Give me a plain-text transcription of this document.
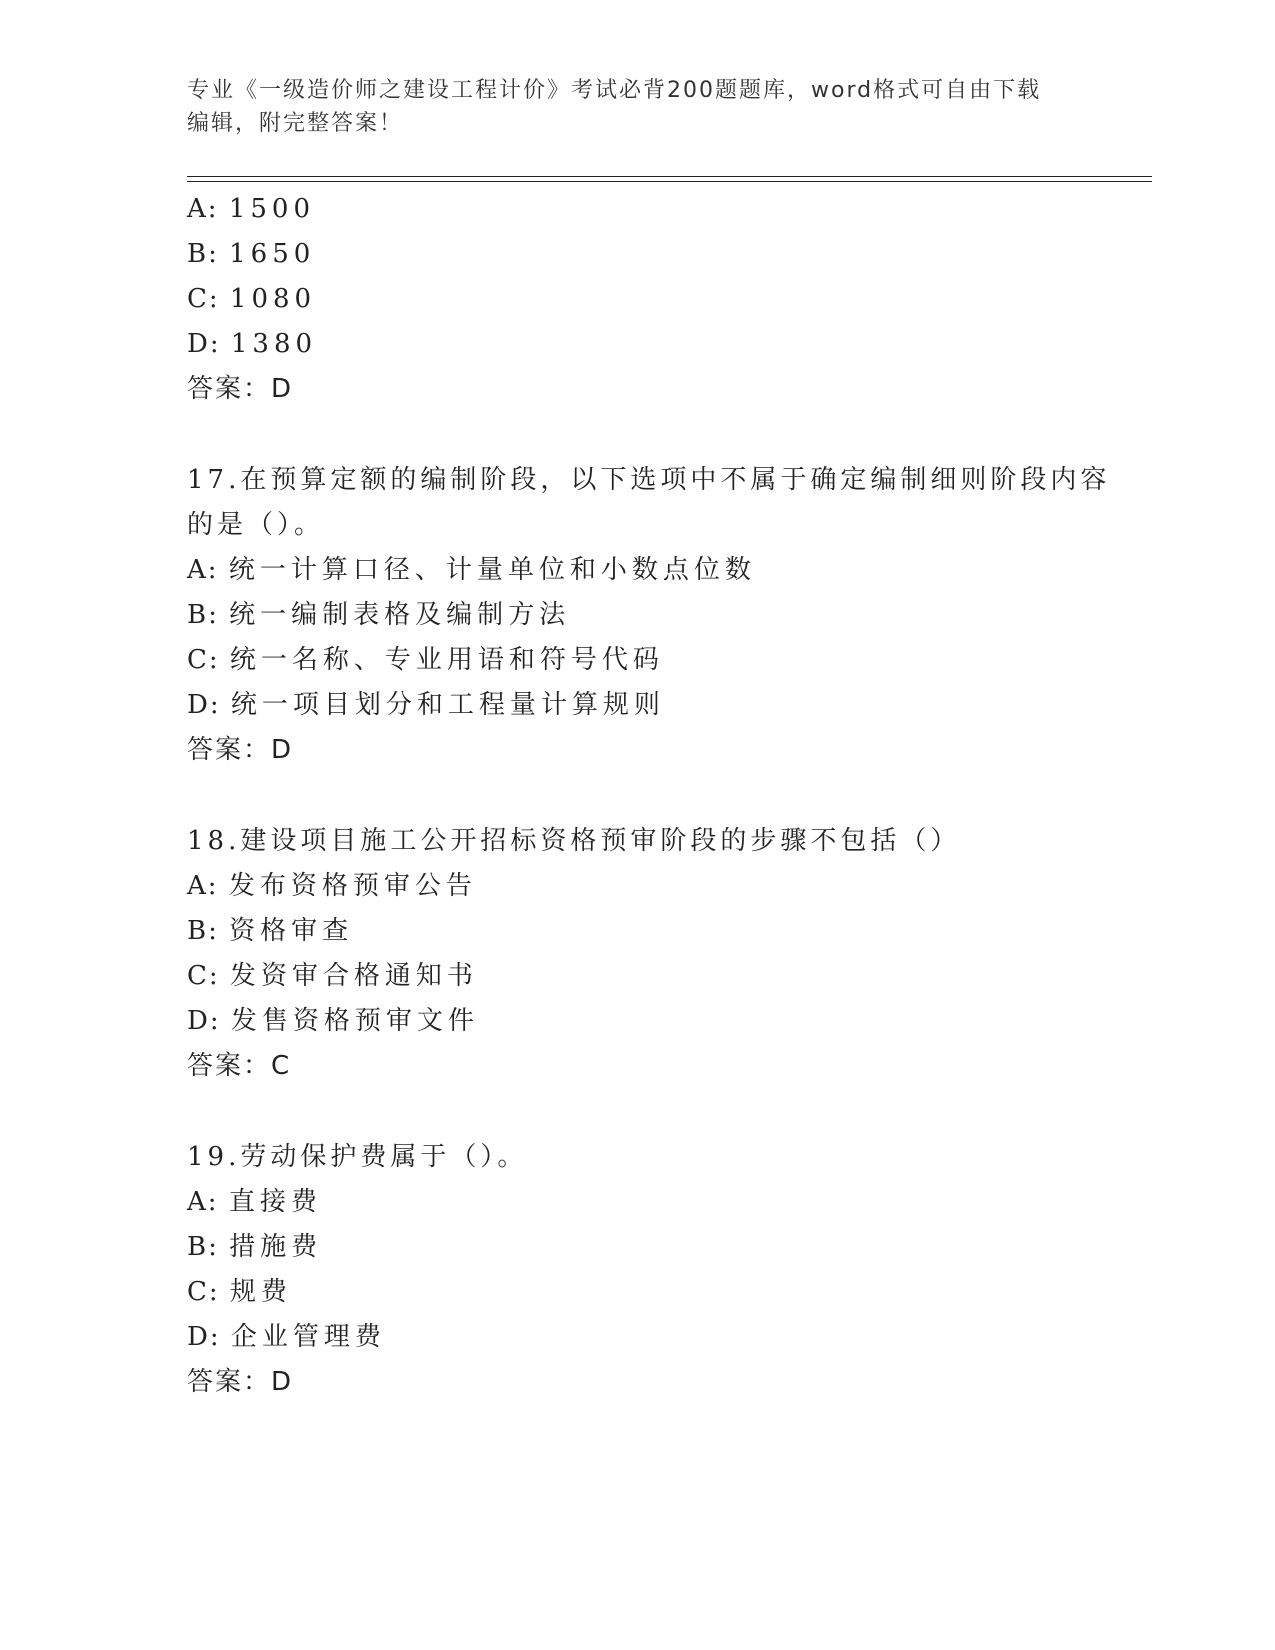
专业《一级造价师之建设工程计价》考试必背200题题库，word格式可自由下载
编辑，附完整答案！
A: 1500
B: 1650
C: 1080
D: 1380
答案：D
17.在预算定额的编制阶段，以下选项中不属于确定编制细则阶段内容
的是（）。
A: 统一计算口径、计量单位和小数点位数
B: 统一编制表格及编制方法
C: 统一名称、专业用语和符号代码
D: 统一项目划分和工程量计算规则
答案：D
18.建设项目施工公开招标资格预审阶段的步骤不包括（）
A: 发布资格预审公告
B: 资格审查
C: 发资审合格通知书
D: 发售资格预审文件
答案：C
19.劳动保护费属于（）。
A: 直接费
B: 措施费
C: 规费
D: 企业管理费
答案：D
